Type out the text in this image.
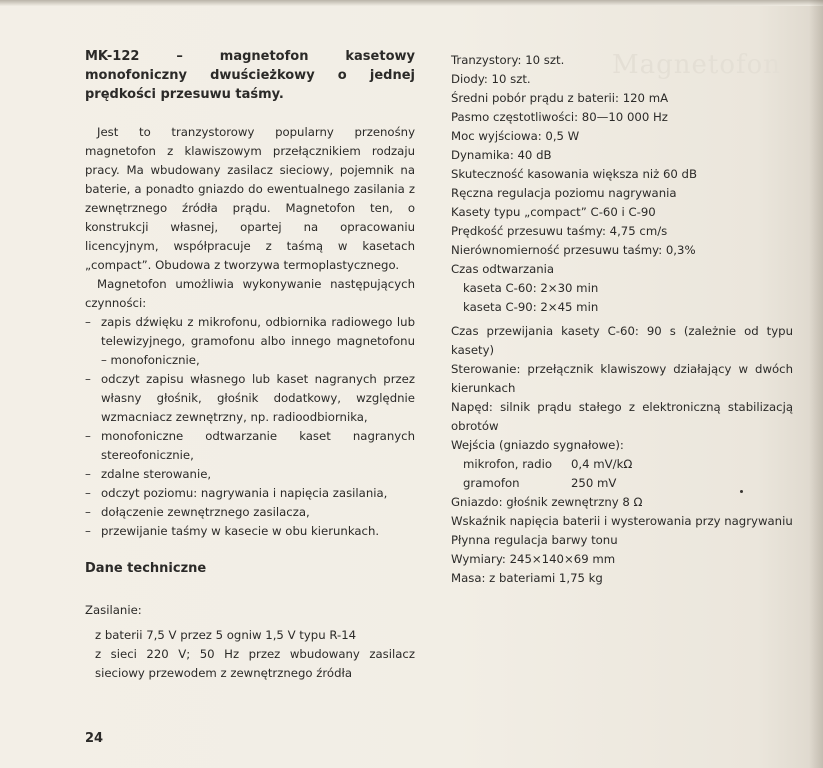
Magnetofon

MK-122 – magnetofon kasetowy monofoniczny dwuścieżkowy o jednej prędkości przesuwu taśmy.

Jest to tranzystorowy popularny przenośny magnetofon z klawiszowym przełącznikiem rodzaju pracy. Ma wbudowany zasilacz sieciowy, pojemnik na baterie, a ponadto gniazdo do ewentualnego zasilania z zewnętrznego źródła prądu. Magnetofon ten, o konstrukcji własnej, opartej na opracowaniu licencyjnym, współpracuje z taśmą w kasetach „compact”. Obudowa z tworzywa termoplastycznego.

Magnetofon umożliwia wykonywanie następujących czynności:

– zapis dźwięku z mikrofonu, odbiornika radiowego lub telewizyjnego, gramofonu albo innego magnetofonu – monofonicznie,
– odczyt zapisu własnego lub kaset nagranych przez własny głośnik, głośnik dodatkowy, względnie wzmacniacz zewnętrzny, np. radioodbiornika,
– monofoniczne odtwarzanie kaset nagranych stereofonicznie,
– zdalne sterowanie,
– odczyt poziomu: nagrywania i napięcia zasilania,
– dołączenie zewnętrznego zasilacza,
– przewijanie taśmy w kasecie w obu kierunkach.

Dane techniczne

Zasilanie:
z baterii 7,5 V przez 5 ogniw 1,5 V typu R-14
z sieci 220 V; 50 Hz przez wbudowany zasilacz sieciowy przewodem z zewnętrznego źródła

Tranzystory: 10 szt.

Diody: 10 szt.

Średni pobór prądu z baterii: 120 mA

Pasmo częstotliwości: 80—10 000 Hz

Moc wyjściowa: 0,5 W

Dynamika: 40 dB

Skuteczność kasowania większa niż 60 dB

Ręczna regulacja poziomu nagrywania

Kasety typu „compact” C-60 i C-90

Prędkość przesuwu taśmy: 4,75 cm/s

Nierównomierność przesuwu taśmy: 0,3%

Czas odtwarzania

kaseta C-60: 2×30 min

kaseta C-90: 2×45 min

Czas przewijania kasety C-60: 90 s (zależnie od typu kasety)

Sterowanie: przełącznik klawiszowy działający w dwóch kierunkach

Napęd: silnik prądu stałego z elektroniczną stabilizacją obrotów

Wejścia (gniazdo sygnałowe):

mikrofon, radio	0,4 mV/kΩ
gramofon	250 mV

Gniazdo: głośnik zewnętrzny 8 Ω

Wskaźnik napięcia baterii i wysterowania przy nagrywaniu

Płynna regulacja barwy tonu

Wymiary: 245×140×69 mm

Masa: z bateriami 1,75 kg

24
